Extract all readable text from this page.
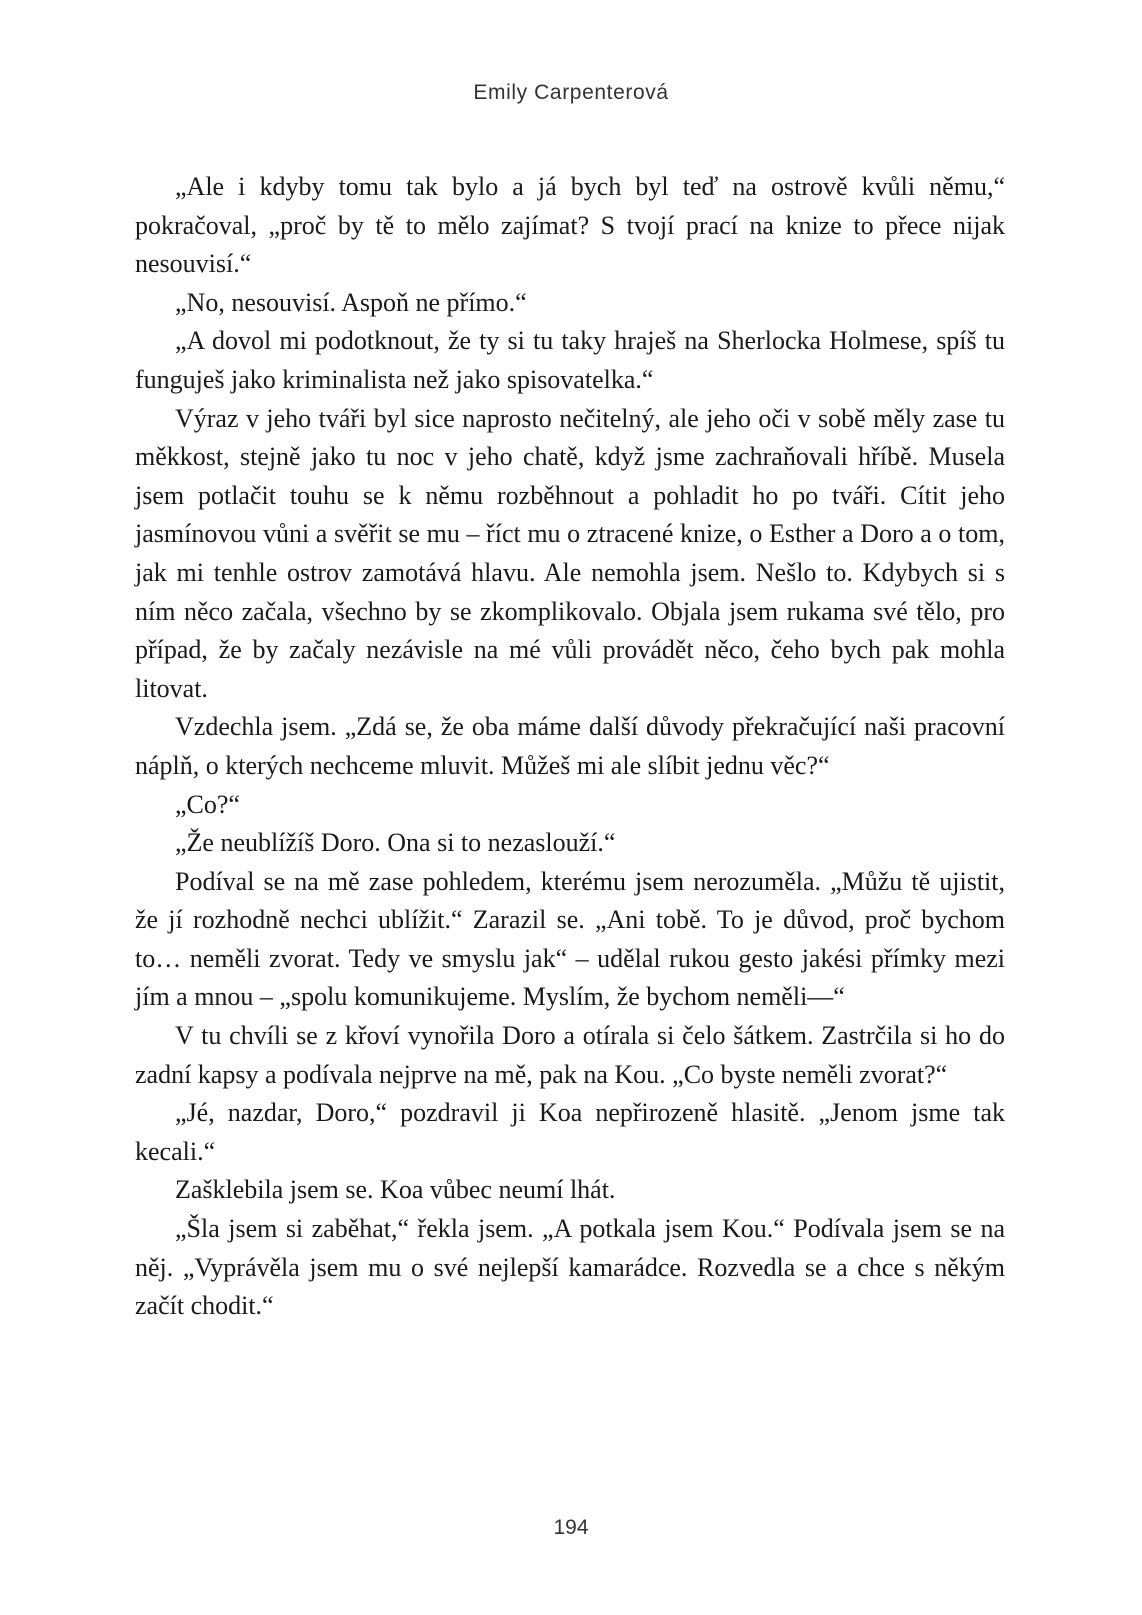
Emily Carpenterová

„Ale i kdyby tomu tak bylo a já bych byl teď na ostrově kvůli němu,“ pokračoval, „proč by tě to mělo zajímat? S tvojí prací na knize to přece nijak nesouvisí.“

„No, nesouvisí. Aspoň ne přímo.“

„A dovol mi podotknout, že ty si tu taky hraješ na Sherlocka Holmese, spíš tu funguješ jako kriminalista než jako spisovatelka.“

Výraz v jeho tváři byl sice naprosto nečitelný, ale jeho oči v sobě měly zase tu měkkost, stejně jako tu noc v jeho chatě, když jsme zachraňovali hříbě. Musela jsem potlačit touhu se k němu rozběhnout a pohladit ho po tváři. Cítit jeho jasmínovou vůni a svěřit se mu – říct mu o ztracené knize, o Esther a Doro a o tom, jak mi tenhle ostrov zamotává hlavu. Ale nemohla jsem. Nešlo to. Kdybych si s ním něco začala, všechno by se zkomplikovalo. Objala jsem rukama své tělo, pro případ, že by začaly nezávisle na mé vůli provádět něco, čeho bych pak mohla litovat.

Vzdechla jsem. „Zdá se, že oba máme další důvody překračující naši pracovní náplň, o kterých nechceme mluvit. Můžeš mi ale slíbit jednu věc?“

„Co?“

„Že neublížíš Doro. Ona si to nezaslouží.“

Podíval se na mě zase pohledem, kterému jsem nerozuměla. „Můžu tě ujistit, že jí rozhodně nechci ublížit.“ Zarazil se. „Ani tobě. To je důvod, proč bychom to… neměli zvorat. Tedy ve smyslu jak“ – udělal rukou gesto jakési přímky mezi jím a mnou – „spolu komunikujeme. Myslím, že bychom neměli—“

V tu chvíli se z křoví vynořila Doro a otírala si čelo šátkem. Zastrčila si ho do zadní kapsy a podívala nejprve na mě, pak na Kou. „Co byste neměli zvorat?“

„Jé, nazdar, Doro,“ pozdravil ji Koa nepřirozeně hlasitě. „Jenom jsme tak kecali.“

Zašklebila jsem se. Koa vůbec neumí lhát.

„Šla jsem si zaběhat,“ řekla jsem. „A potkala jsem Kou.“ Podívala jsem se na něj. „Vyprávěla jsem mu o své nejlepší kamarádce. Rozvedla se a chce s někým začít chodit.“

194
